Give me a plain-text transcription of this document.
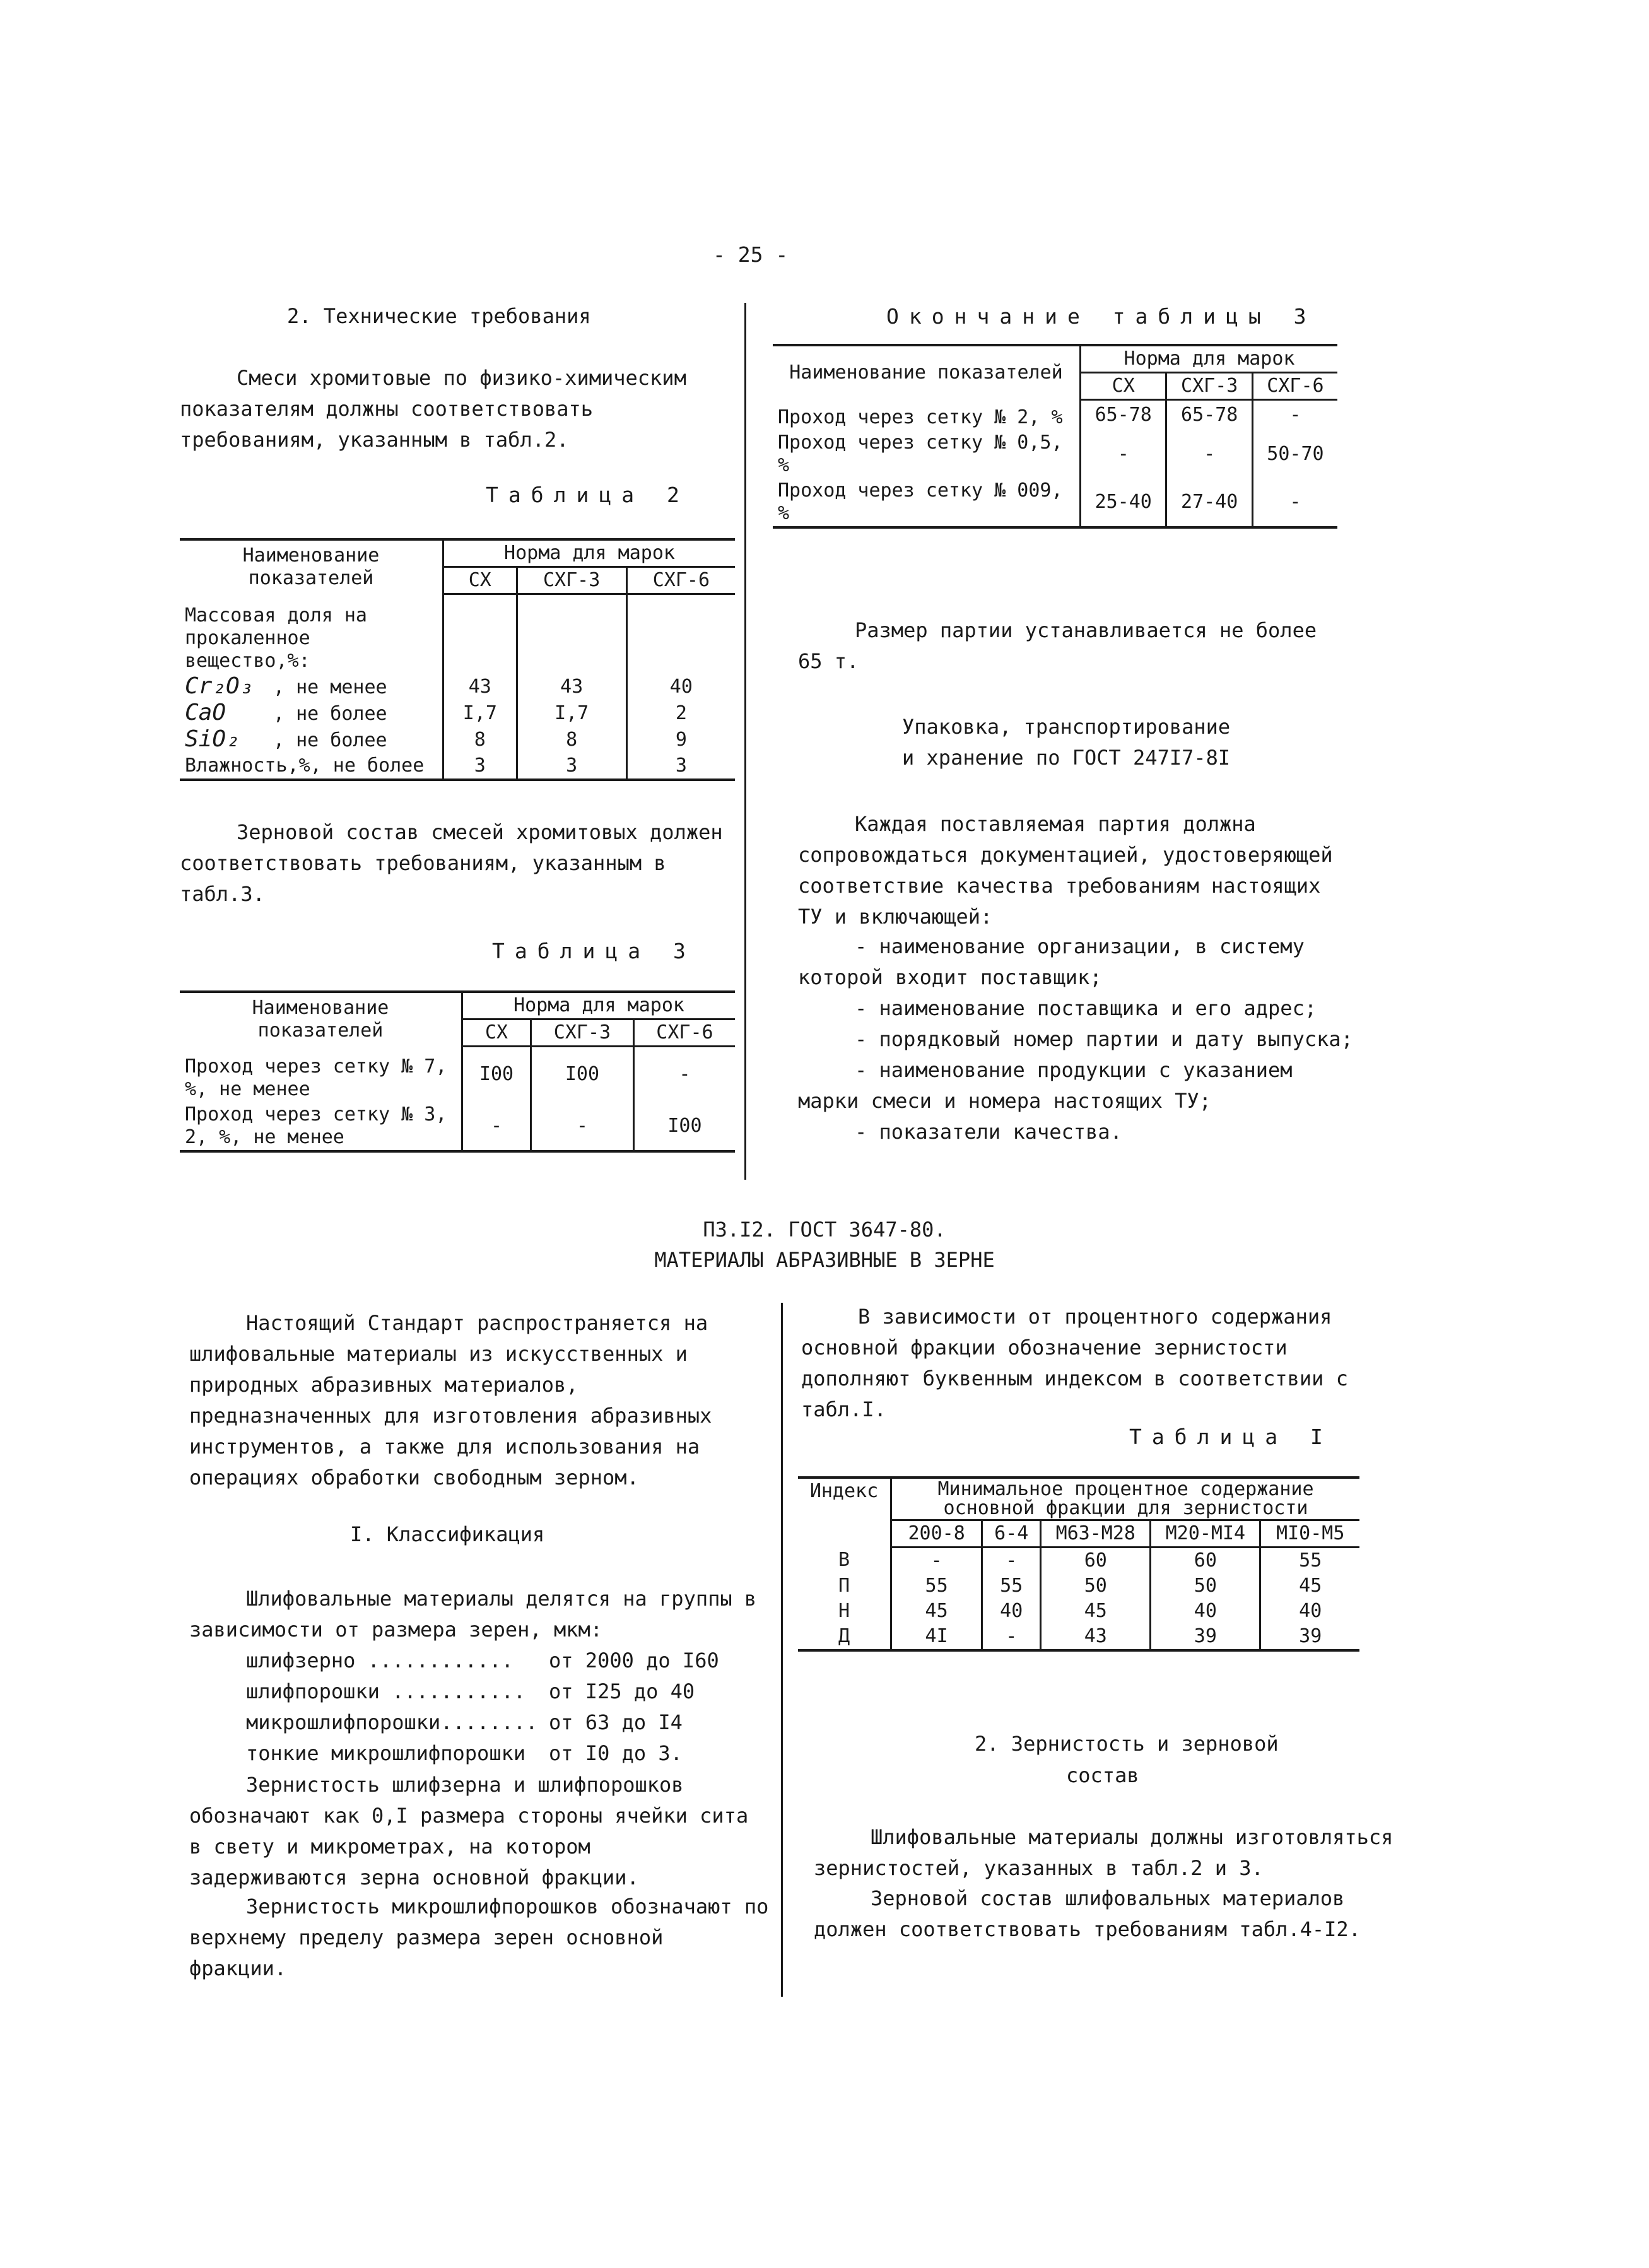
- 25 -
2. Технические требования
Смеси хромитовые по физико-химическим показателям должны соответствовать требованиям, указанным в табл.2.
Таблица 2
Наименование показателей	Норма для марок		
	СХ	СХГ-3	СХГ-6
Массовая доля на прокаленное вещество,%:			
Cr₂O₃ , не менее	43	43	40
CaO , не более	I,7	I,7	2
SiO₂ , не более	8	8	9
Влажность,%, не более	3	3	3
Зерновой состав смесей хромитовых должен соответствовать требованиям, указанным в табл.3.
Таблица 3
Наименование показателей	Норма для марок		
	СХ	СХГ-3	СХГ-6
Проход через сетку № 7, %, не менее	I00	I00	-
Проход через сетку № 3, 2, %, не менее	-	-	I00
Окончание таблицы 3
Наименование показателей	Норма для марок		
	СХ	СХГ-3	СХГ-6
Проход через сетку № 2, %	65-78	65-78	-
Проход через сетку № 0,5, %	-	-	50-70
Проход через сетку № 009, %	25-40	27-40	-
Размер партии устанавливается не более 65 т.
Упаковка, транспортирование
и хранение по ГОСТ 247I7-8I
Каждая поставляемая партия должна сопровождаться документацией, удостоверяющей соответствие качества требованиям настоящих ТУ и включающей:
- наименование организации, в систему которой входит поставщик;
- наименование поставщика и его адрес;
- порядковый номер партии и дату выпуска;
- наименование продукции с указанием марки смеси и номера настоящих ТУ;
- показатели качества.
ПЗ.I2. ГОСТ 3647-80.
МАТЕРИАЛЫ АБРАЗИВНЫЕ В ЗЕРНЕ
Настоящий Стандарт распространяется на шлифовальные материалы из искусственных и природных абразивных материалов, предназначенных для изготовления абразивных инструментов, а также для использования на операциях обработки свободным зерном.
I. Классификация
Шлифовальные материалы делятся на группы в зависимости от размера зерен, мкм:
шлифзерно ............ от 2000 до I60
шлифпорошки ........... от I25 до 40
микрошлифпорошки........ от 63 до I4
тонкие микрошлифпорошки от I0 до 3.
Зернистость шлифзерна и шлифпорошков обозначают как 0,I размера стороны ячейки сита в свету и микрометрах, на котором задерживаются зерна основной фракции.
Зернистость микрошлифпорошков обозначают по верхнему пределу размера зерен основной фракции.
В зависимости от процентного содержания основной фракции обозначение зернистости дополняют буквенным индексом в соответствии с табл.I.
Таблица I
Индекс	Минимальное процентное содержание основной фракции для зернистости				
	200-8	6-4	М63-М28	М20-МI4	МI0-М5
В	-	-	60	60	55
П	55	55	50	50	45
Н	45	40	45	40	40
Д	4I	-	43	39	39
2. Зернистость и зерновой
состав
Шлифовальные материалы должны изготовляться зернистостей, указанных в табл.2 и 3.
Зерновой состав шлифовальных материалов должен соответствовать требованиям табл.4-I2.
